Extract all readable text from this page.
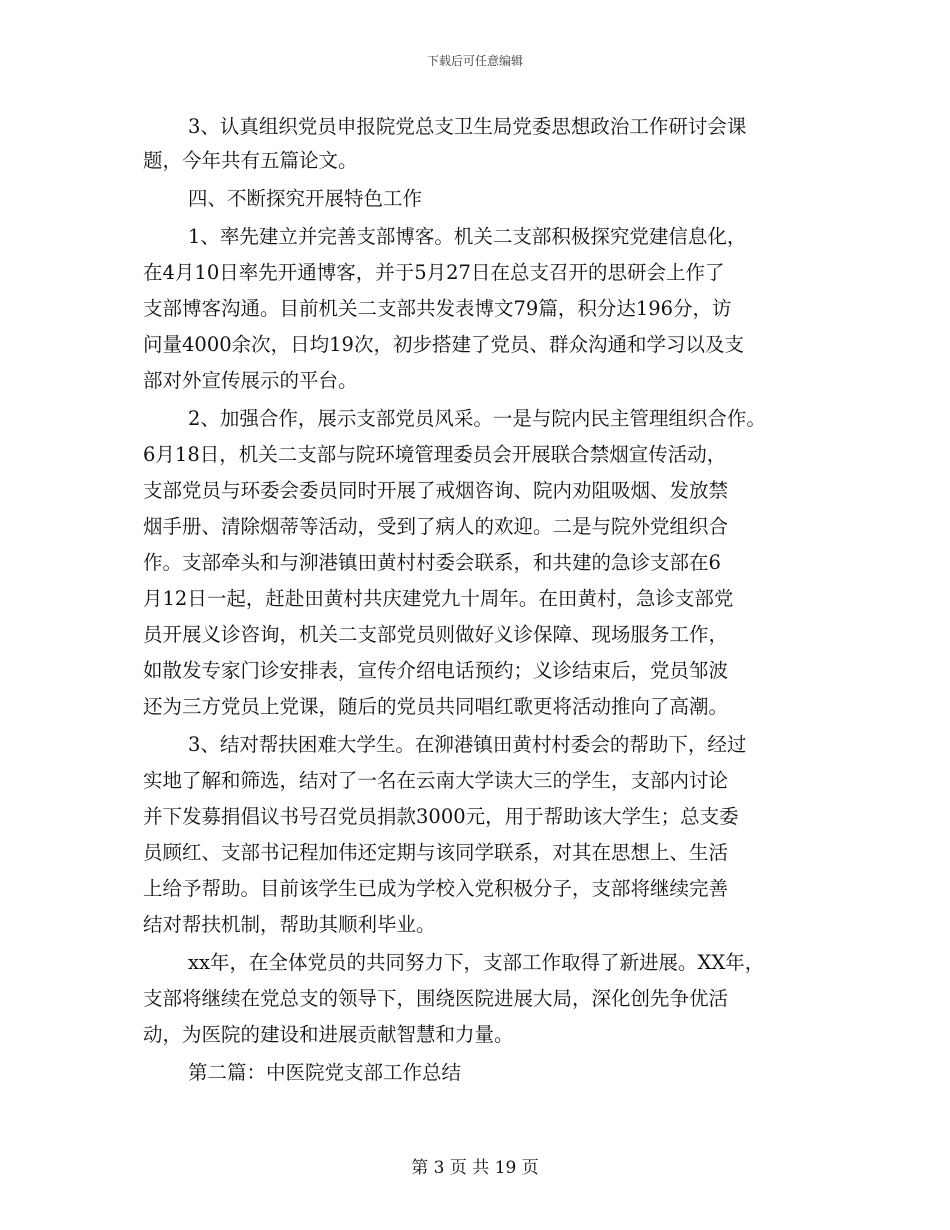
下载后可任意编辑
3、认真组织党员申报院党总支卫生局党委思想政治工作研讨会课
题，今年共有五篇论文。
四、不断探究开展特色工作
1、率先建立并完善支部博客。机关二支部积极探究党建信息化，
在4月10日率先开通博客，并于5月27日在总支召开的思研会上作了
支部博客沟通。目前机关二支部共发表博文79篇，积分达196分，访
问量4000余次，日均19次，初步搭建了党员、群众沟通和学习以及支
部对外宣传展示的平台。
2、加强合作，展示支部党员风采。一是与院内民主管理组织合作。
6月18日，机关二支部与院环境管理委员会开展联合禁烟宣传活动，
支部党员与环委会委员同时开展了戒烟咨询、院内劝阻吸烟、发放禁
烟手册、清除烟蒂等活动，受到了病人的欢迎。二是与院外党组织合
作。支部牵头和与泖港镇田黄村村委会联系，和共建的急诊支部在6
月12日一起，赶赴田黄村共庆建党九十周年。在田黄村，急诊支部党
员开展义诊咨询，机关二支部党员则做好义诊保障、现场服务工作，
如散发专家门诊安排表，宣传介绍电话预约；义诊结束后，党员邹波
还为三方党员上党课，随后的党员共同唱红歌更将活动推向了高潮。
3、结对帮扶困难大学生。在泖港镇田黄村村委会的帮助下，经过
实地了解和筛选，结对了一名在云南大学读大三的学生，支部内讨论
并下发募捐倡议书号召党员捐款3000元，用于帮助该大学生；总支委
员顾红、支部书记程加伟还定期与该同学联系，对其在思想上、生活
上给予帮助。目前该学生已成为学校入党积极分子，支部将继续完善
结对帮扶机制，帮助其顺利毕业。
xx年，在全体党员的共同努力下，支部工作取得了新进展。XX年，
支部将继续在党总支的领导下，围绕医院进展大局，深化创先争优活
动，为医院的建设和进展贡献智慧和力量。
第二篇：中医院党支部工作总结
第 3 页 共 19 页
